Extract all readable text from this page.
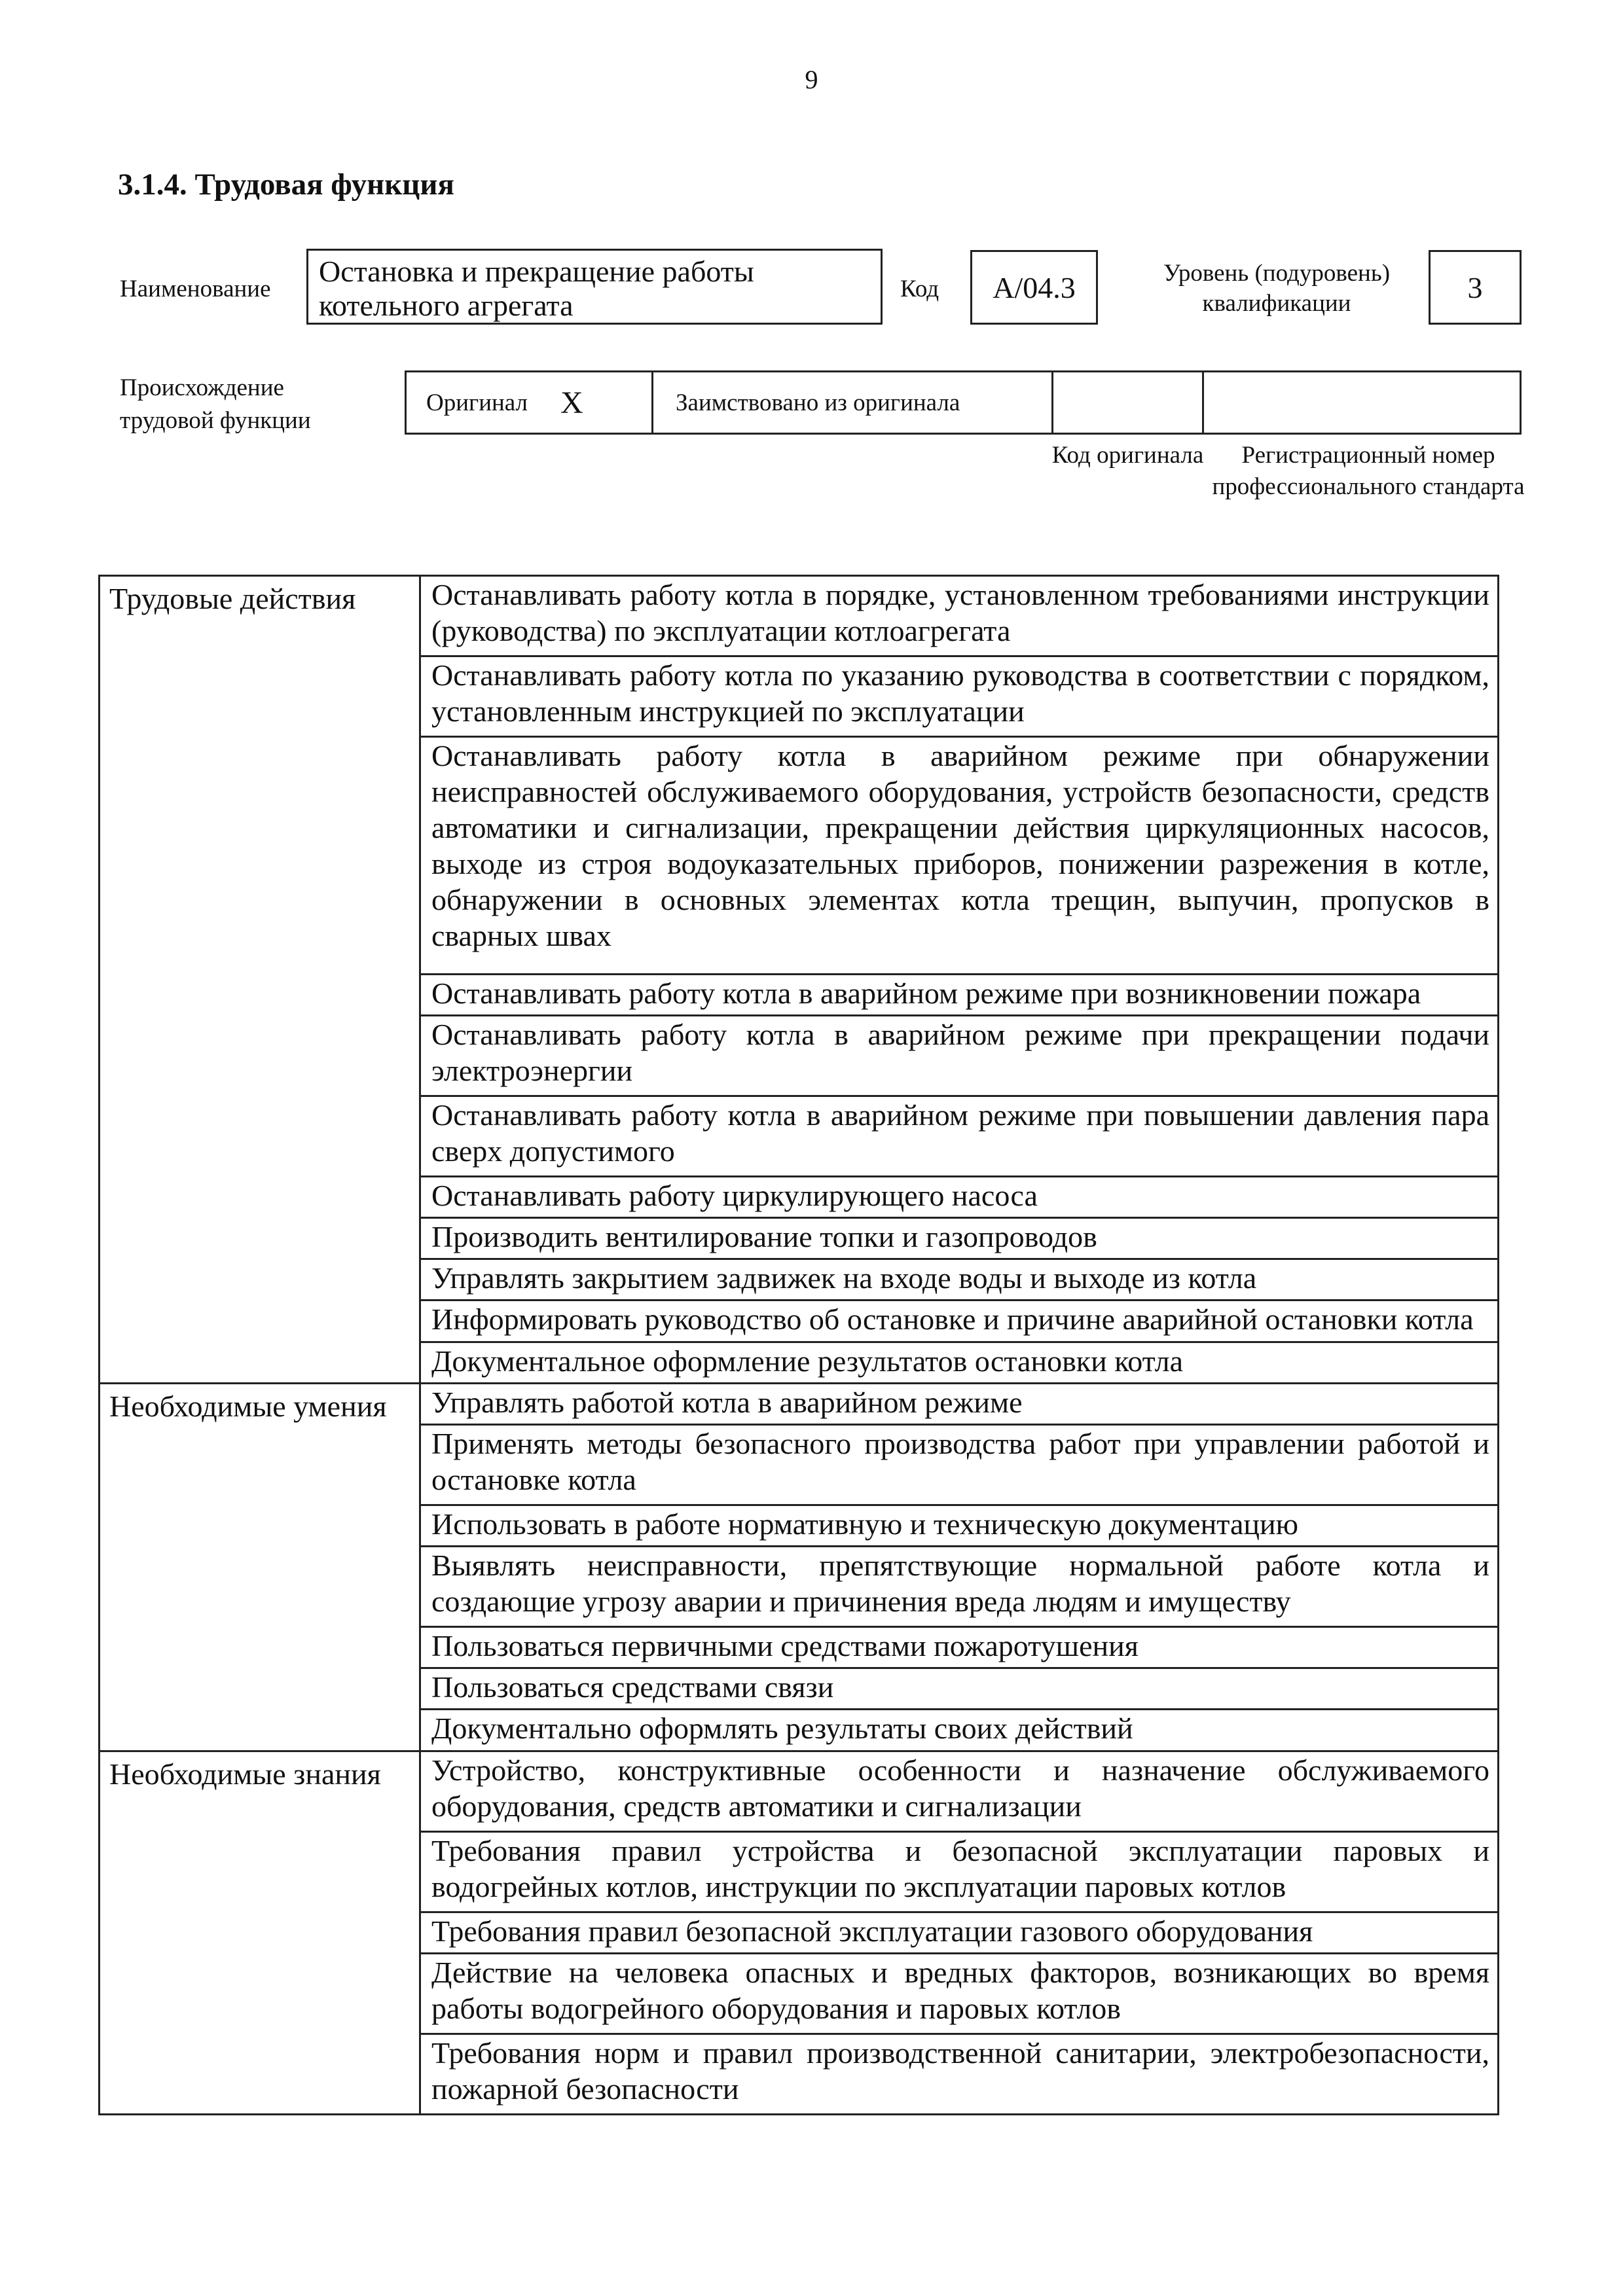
9
3.1.4. Трудовая функция
Наименование
Остановка и прекращение работы котельного агрегата	Код A/04.3	Уровень (подуровень) квалификации	3
Происхождение трудовой функции
Оригинал X	Заимствовано из оригинала
Код оригинала	Регистрационный номер профессионального стандарта
Трудовые действия	Останавливать работу котла в порядке, установленном требованиями инструкции (руководства) по эксплуатации котлоагрегата
	Останавливать работу котла по указанию руководства в соответствии с порядком, установленным инструкцией по эксплуатации
	Останавливать работу котла в аварийном режиме при обнаружении неисправностей обслуживаемого оборудования, устройств безопасности, средств автоматики и сигнализации, прекращении действия циркуляционных насосов, выходе из строя водоуказательных приборов, понижении разрежения в котле, обнаружении в основных элементах котла трещин, выпучин, пропусков в сварных швах
	Останавливать работу котла в аварийном режиме при возникновении пожара
	Останавливать работу котла в аварийном режиме при прекращении подачи электроэнергии
	Останавливать работу котла в аварийном режиме при повышении давления пара сверх допустимого
	Останавливать работу циркулирующего насоса
	Производить вентилирование топки и газопроводов
	Управлять закрытием задвижек на входе воды и выходе из котла
	Информировать руководство об остановке и причине аварийной остановки котла
	Документальное оформление результатов остановки котла
Необходимые умения	Управлять работой котла в аварийном режиме
	Применять методы безопасного производства работ при управлении работой и остановке котла
	Использовать в работе нормативную и техническую документацию
	Выявлять неисправности, препятствующие нормальной работе котла и создающие угрозу аварии и причинения вреда людям и имуществу
	Пользоваться первичными средствами пожаротушения
	Пользоваться средствами связи
	Документально оформлять результаты своих действий
Необходимые знания	Устройство, конструктивные особенности и назначение обслуживаемого оборудования, средств автоматики и сигнализации
	Требования правил устройства и безопасной эксплуатации паровых и водогрейных котлов, инструкции по эксплуатации паровых котлов
	Требования правил безопасной эксплуатации газового оборудования
	Действие на человека опасных и вредных факторов, возникающих во время работы водогрейного оборудования и паровых котлов
	Требования норм и правил производственной санитарии, электробезопасности, пожарной безопасности
